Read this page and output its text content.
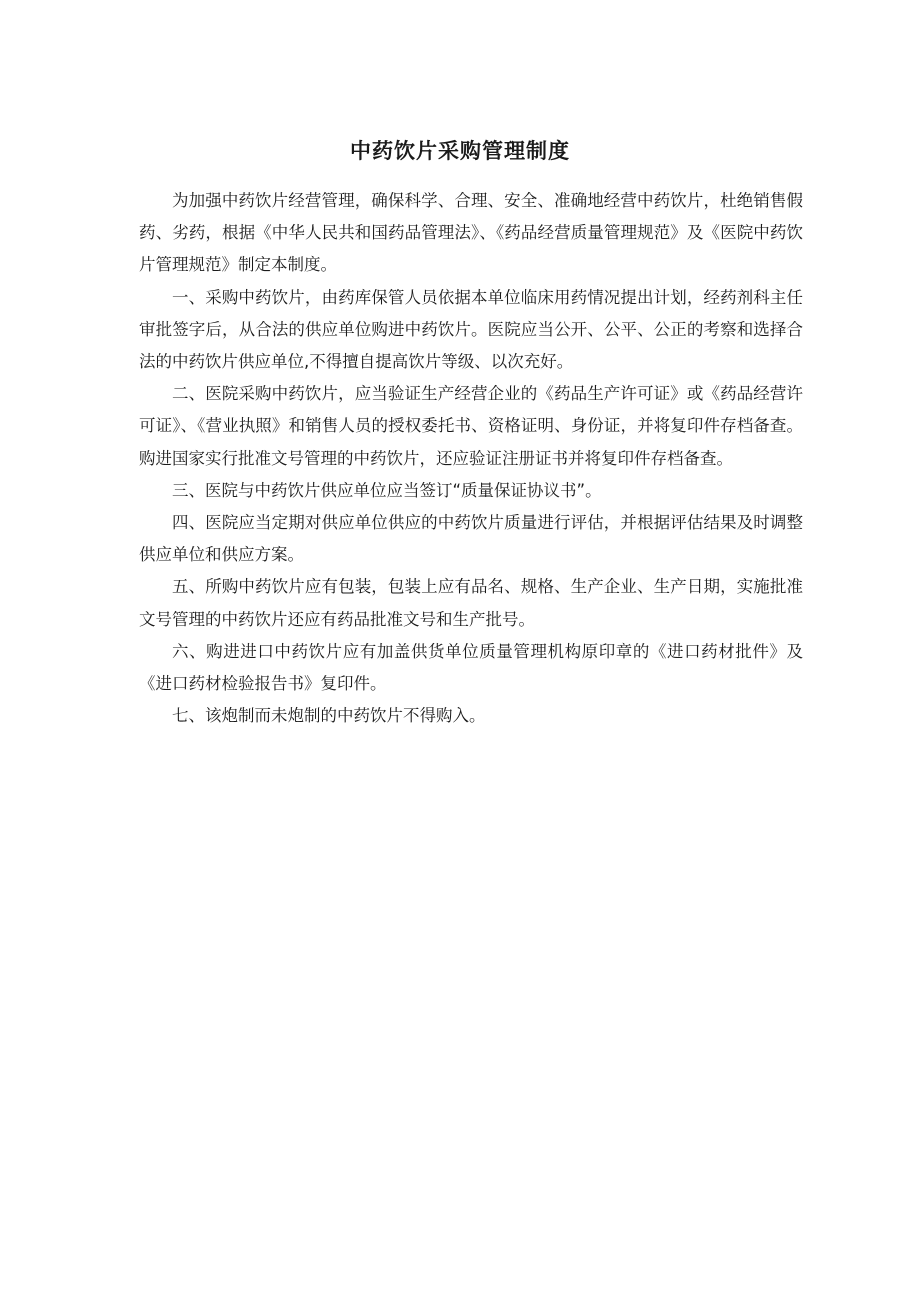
中药饮片采购管理制度

为加强中药饮片经营管理，确保科学、合理、安全、准确地经营中药饮片，杜绝销售假药、劣药，根据《中华人民共和国药品管理法》、《药品经营质量管理规范》及《医院中药饮片管理规范》制定本制度。

一、采购中药饮片，由药库保管人员依据本单位临床用药情况提出计划，经药剂科主任审批签字后，从合法的供应单位购进中药饮片。医院应当公开、公平、公正的考察和选择合法的中药饮片供应单位,不得擅自提高饮片等级、以次充好。

二、医院采购中药饮片，应当验证生产经营企业的《药品生产许可证》或《药品经营许可证》、《营业执照》和销售人员的授权委托书、资格证明、身份证，并将复印件存档备查。购进国家实行批准文号管理的中药饮片，还应验证注册证书并将复印件存档备查。

三、医院与中药饮片供应单位应当签订“质量保证协议书”。

四、医院应当定期对供应单位供应的中药饮片质量进行评估，并根据评估结果及时调整供应单位和供应方案。

五、所购中药饮片应有包装，包装上应有品名、规格、生产企业、生产日期，实施批准文号管理的中药饮片还应有药品批准文号和生产批号。

六、购进进口中药饮片应有加盖供货单位质量管理机构原印章的《进口药材批件》及《进口药材检验报告书》复印件。

七、该炮制而未炮制的中药饮片不得购入。
